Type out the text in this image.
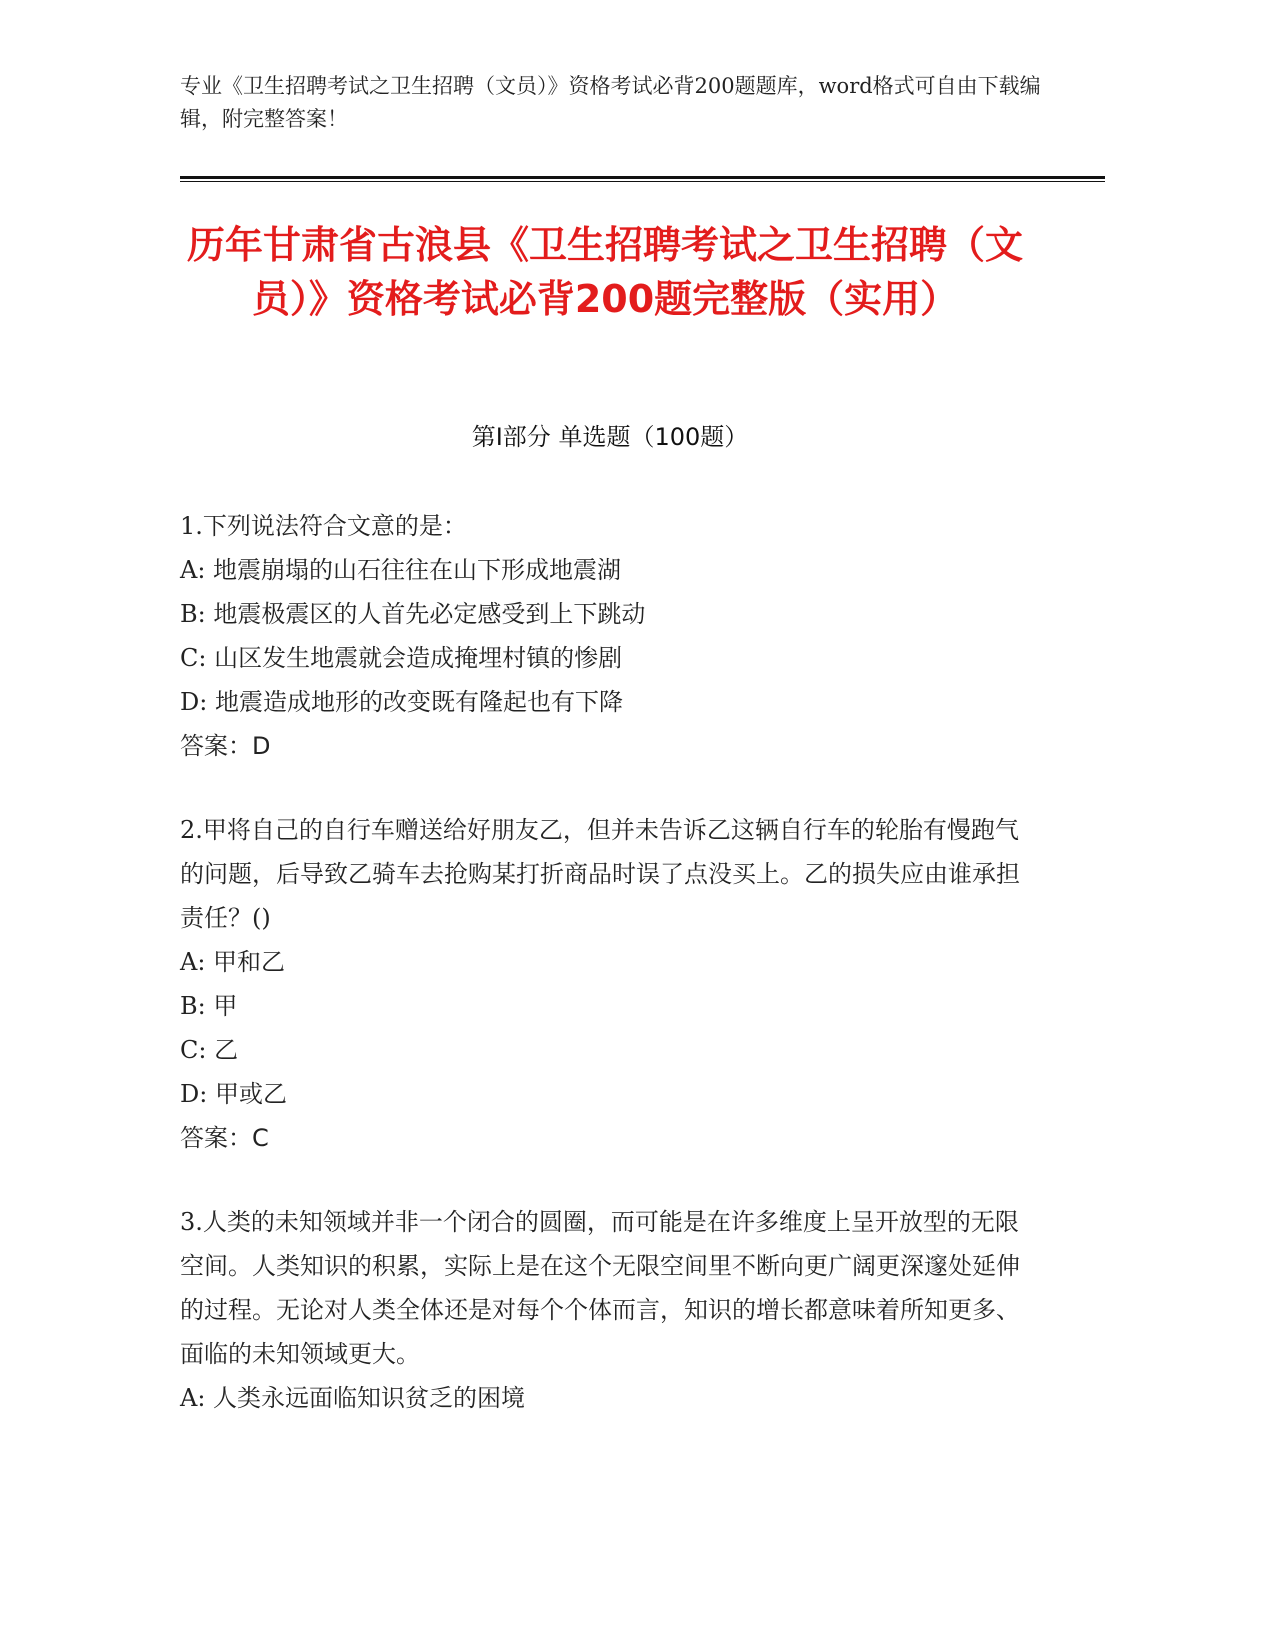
专业《卫生招聘考试之卫生招聘（文员）》资格考试必背200题题库，word格式可自由下载编辑，附完整答案！

历年甘肃省古浪县《卫生招聘考试之卫生招聘（文员）》资格考试必背200题完整版（实用）
第Ⅰ部分 单选题（100题）

1.下列说法符合文意的是：

A: 地震崩塌的山石往往在山下形成地震湖

B: 地震极震区的人首先必定感受到上下跳动

C: 山区发生地震就会造成掩埋村镇的惨剧

D: 地震造成地形的改变既有隆起也有下降

答案：D

2.甲将自己的自行车赠送给好朋友乙，但并未告诉乙这辆自行车的轮胎有慢跑气的问题，后导致乙骑车去抢购某打折商品时误了点没买上。乙的损失应由谁承担责任？()

A: 甲和乙

B: 甲

C: 乙

D: 甲或乙

答案：C

3.人类的未知领域并非一个闭合的圆圈，而可能是在许多维度上呈开放型的无限空间。人类知识的积累，实际上是在这个无限空间里不断向更广阔更深邃处延伸的过程。无论对人类全体还是对每个个体而言，知识的增长都意味着所知更多、面临的未知领域更大。

A: 人类永远面临知识贫乏的困境
